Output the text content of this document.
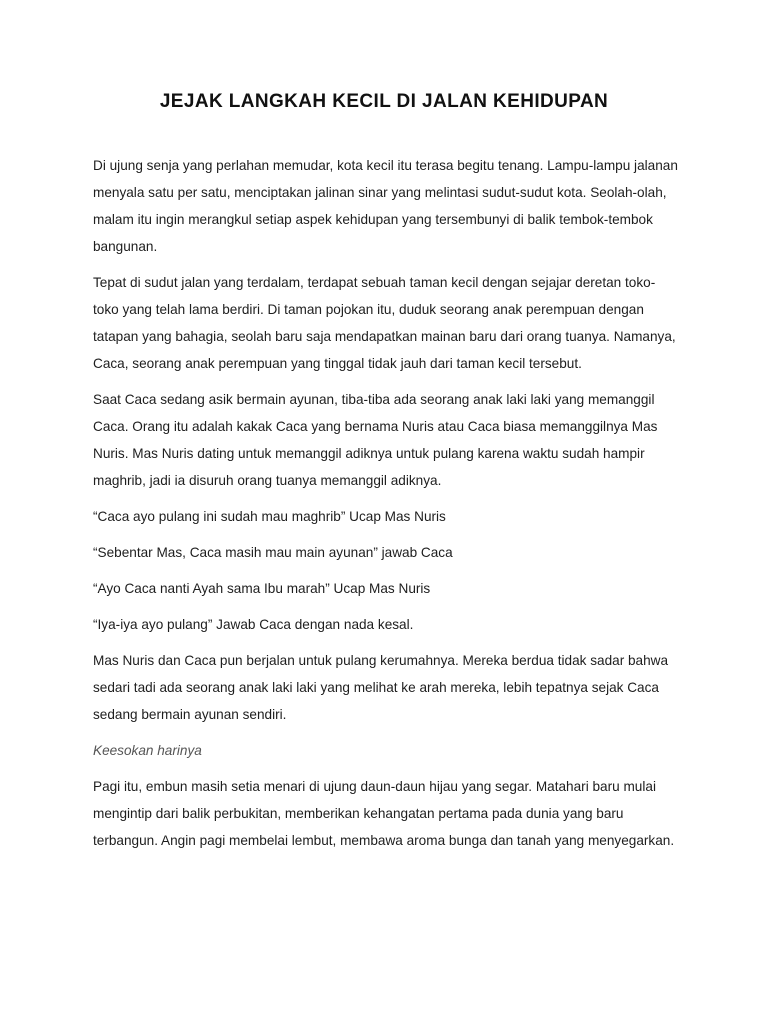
JEJAK LANGKAH KECIL DI JALAN KEHIDUPAN

Di ujung senja yang perlahan memudar, kota kecil itu terasa begitu tenang. Lampu-lampu jalanan menyala satu per satu, menciptakan jalinan sinar yang melintasi sudut-sudut kota. Seolah-olah, malam itu ingin merangkul setiap aspek kehidupan yang tersembunyi di balik tembok-tembok bangunan.

Tepat di sudut jalan yang terdalam, terdapat sebuah taman kecil dengan sejajar deretan toko-toko yang telah lama berdiri. Di taman pojokan itu, duduk seorang anak perempuan dengan tatapan yang bahagia, seolah baru saja mendapatkan mainan baru dari orang tuanya. Namanya, Caca, seorang anak perempuan yang tinggal tidak jauh dari taman kecil tersebut.

Saat Caca sedang asik bermain ayunan, tiba-tiba ada seorang anak laki laki yang memanggil Caca. Orang itu adalah kakak Caca yang bernama Nuris atau Caca biasa memanggilnya Mas Nuris. Mas Nuris dating untuk memanggil adiknya untuk pulang karena waktu sudah hampir maghrib, jadi ia disuruh orang tuanya memanggil adiknya.

“Caca ayo pulang ini sudah mau maghrib” Ucap Mas Nuris

“Sebentar Mas, Caca masih mau main ayunan” jawab Caca

“Ayo Caca nanti Ayah sama Ibu marah” Ucap Mas Nuris

“Iya-iya ayo pulang” Jawab Caca dengan nada kesal.

Mas Nuris dan Caca pun berjalan untuk pulang kerumahnya. Mereka berdua tidak sadar bahwa sedari tadi ada seorang anak laki laki yang melihat ke arah mereka, lebih tepatnya sejak Caca sedang bermain ayunan sendiri.

Keesokan harinya

Pagi itu, embun masih setia menari di ujung daun-daun hijau yang segar. Matahari baru mulai mengintip dari balik perbukitan, memberikan kehangatan pertama pada dunia yang baru terbangun. Angin pagi membelai lembut, membawa aroma bunga dan tanah yang menyegarkan.
